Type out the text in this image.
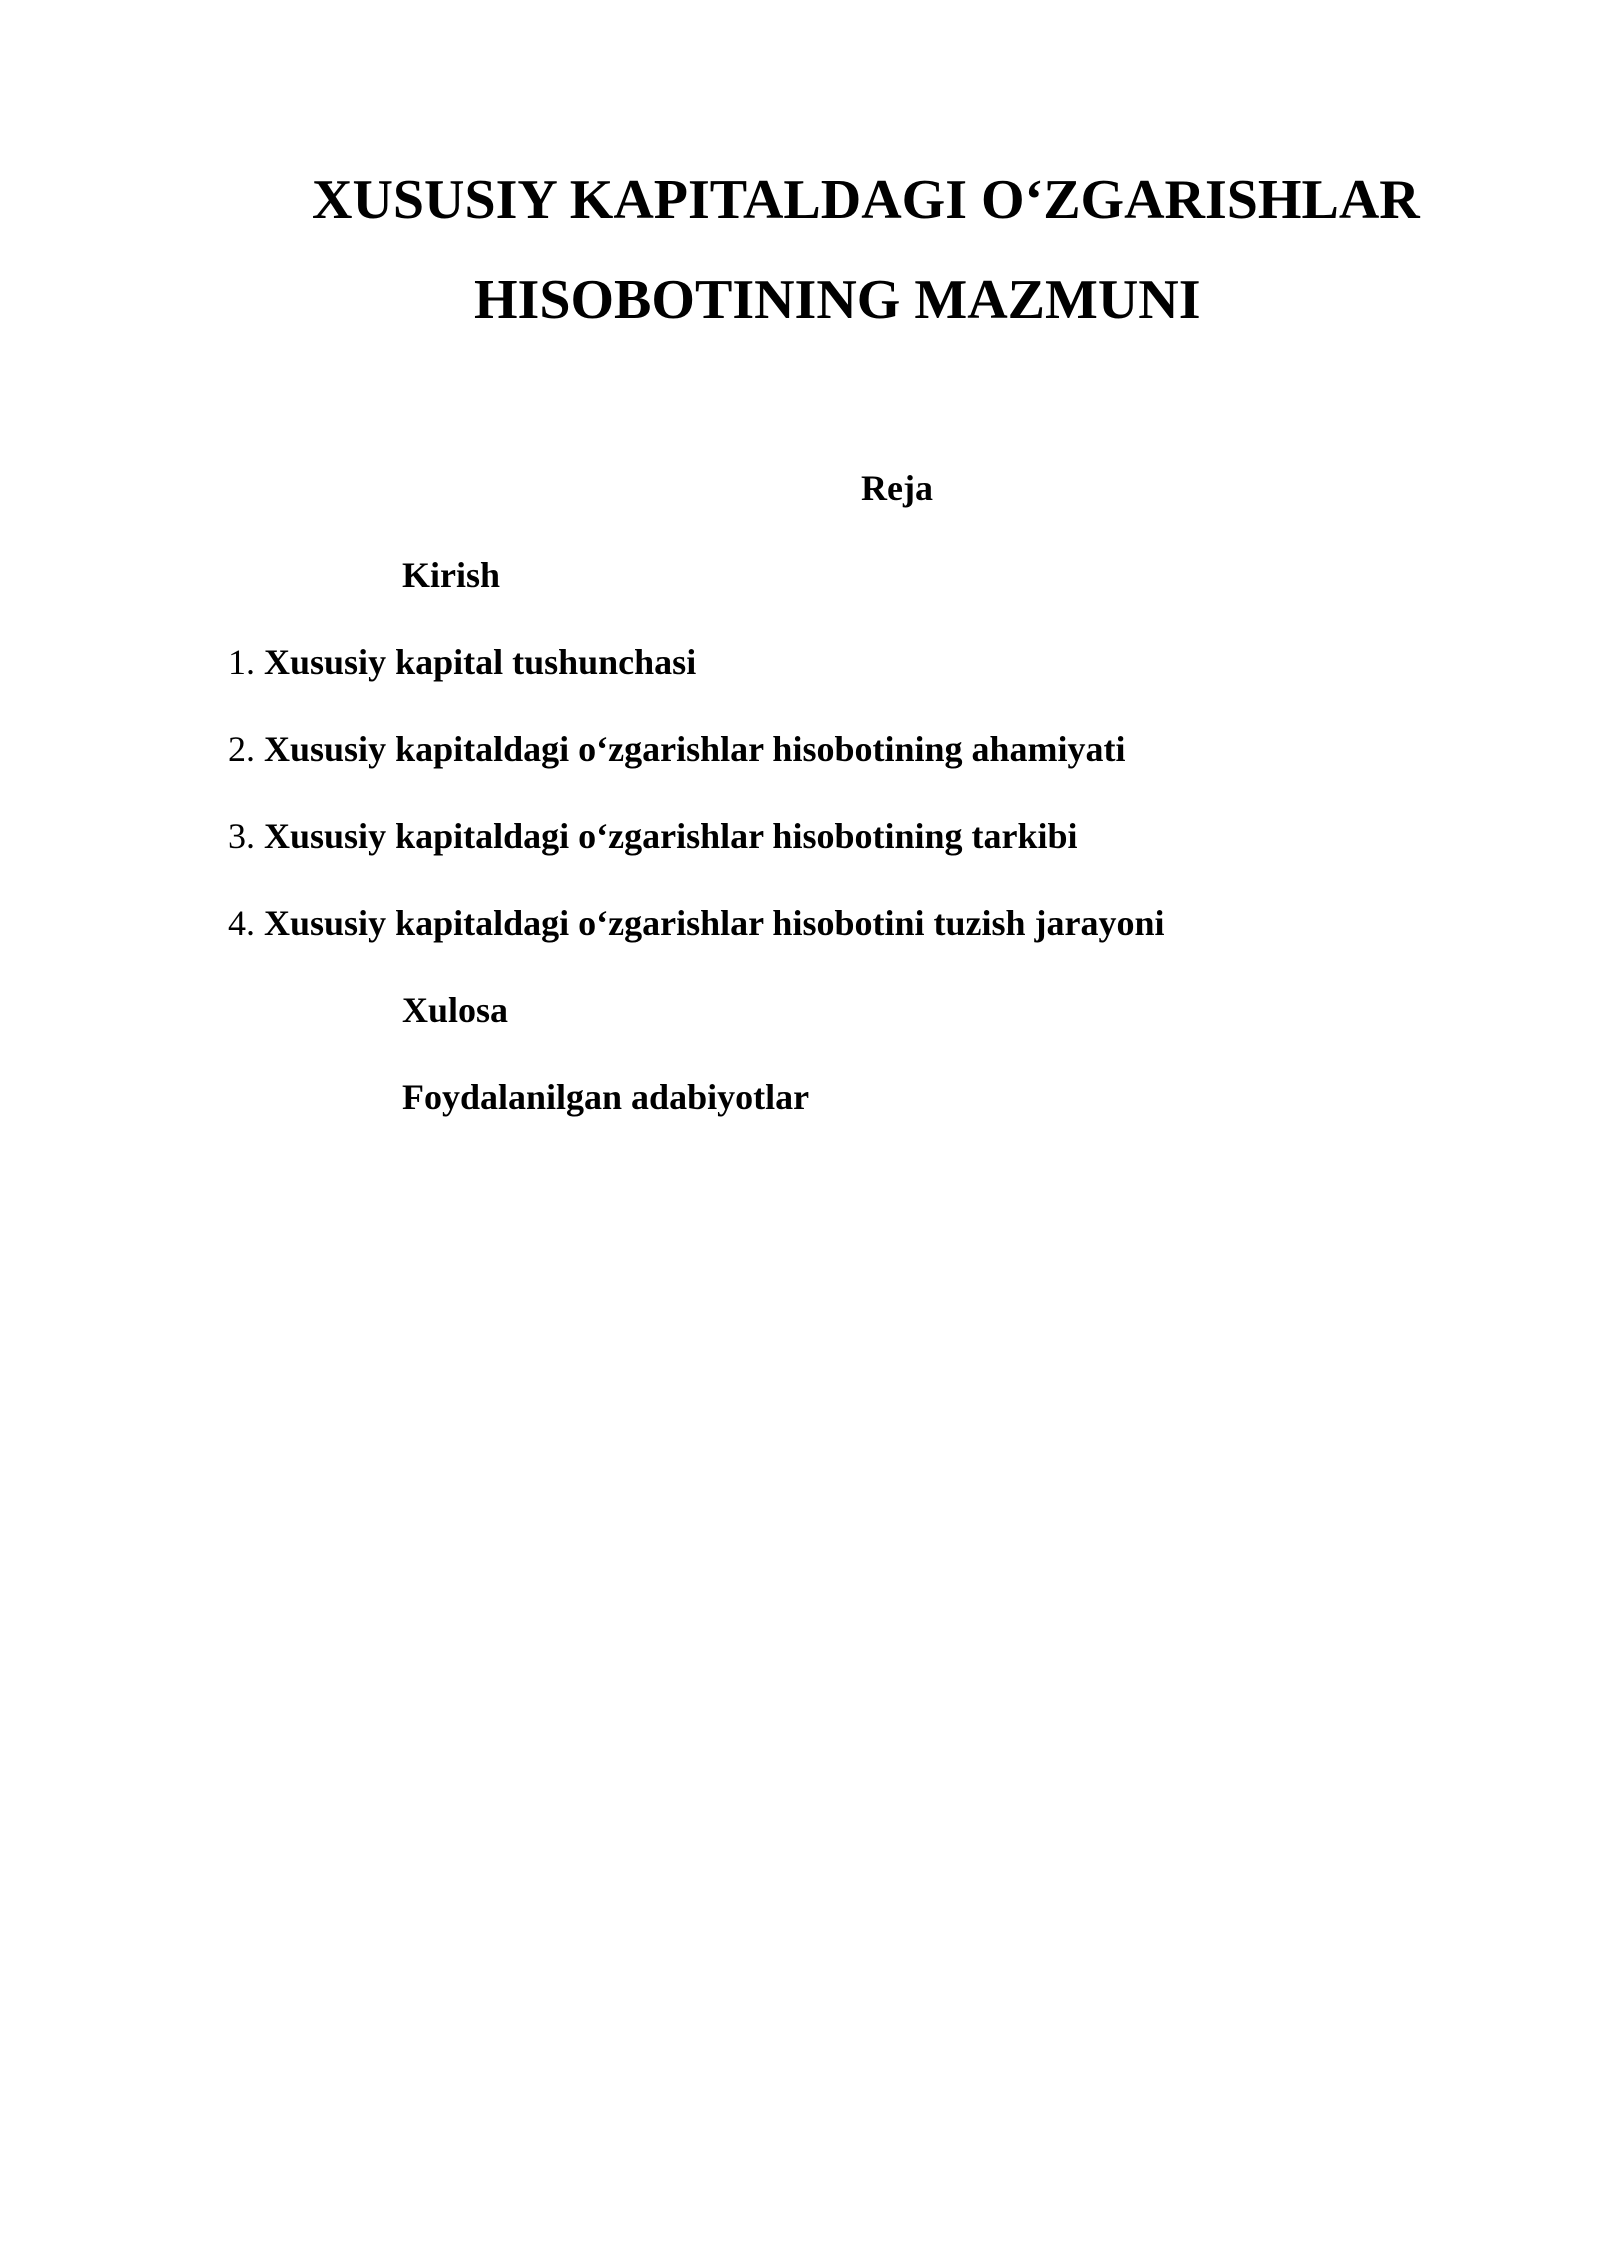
XUSUSIY KAPITALDAGI O‘ZGARISHLAR
HISOBOTINING MAZMUNI
Reja
Kirish
1. Xususiy kapital tushunchasi
2. Xususiy kapitaldagi o‘zgarishlar hisobotining ahamiyati
3. Xususiy kapitaldagi o‘zgarishlar hisobotining tarkibi
4. Xususiy kapitaldagi o‘zgarishlar hisobotini tuzish jarayoni
Xulosa
Foydalanilgan adabiyotlar
